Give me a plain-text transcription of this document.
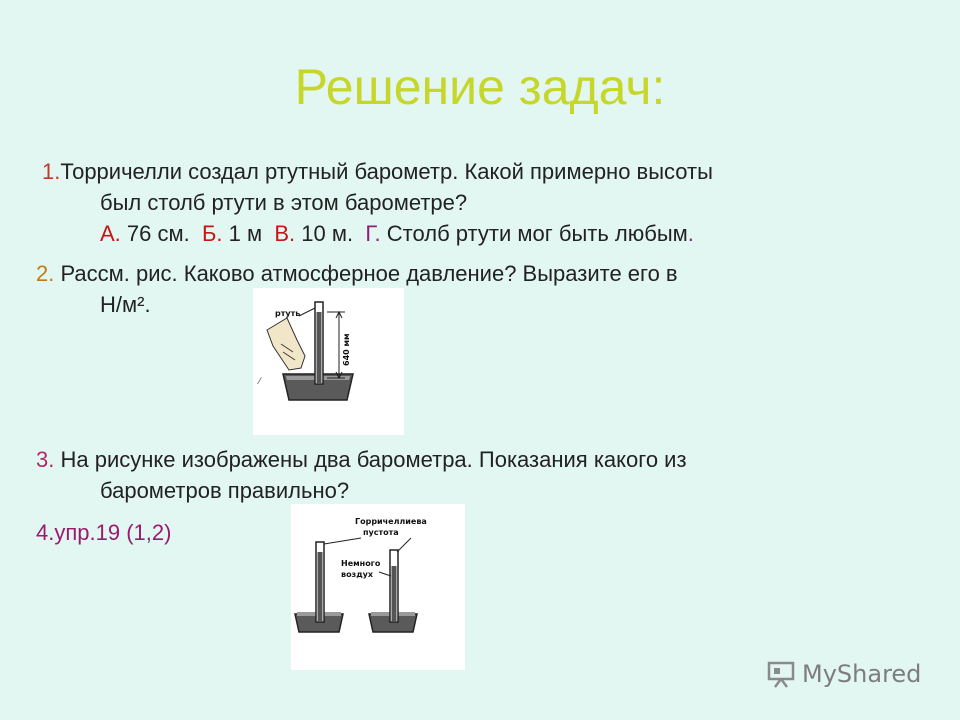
Решение задач:
1.Торричелли создал ртутный барометр. Какой примерно высоты
был столб ртути в этом барометре?
А. 76 см.  Б. 1 м  В. 10 м.  Г. Столб ртути мог быть любым.
2. Рассм. рис. Каково атмосферное давление? Выразите его в
Н/м².	ртуть
640 мм
⁄
3. На рисунке изображены два барометра. Показания какого из
барометров правильно?
4.упр.19 (1,2)	Горричеллиева
пустота
Немного
воздух
MyShared
